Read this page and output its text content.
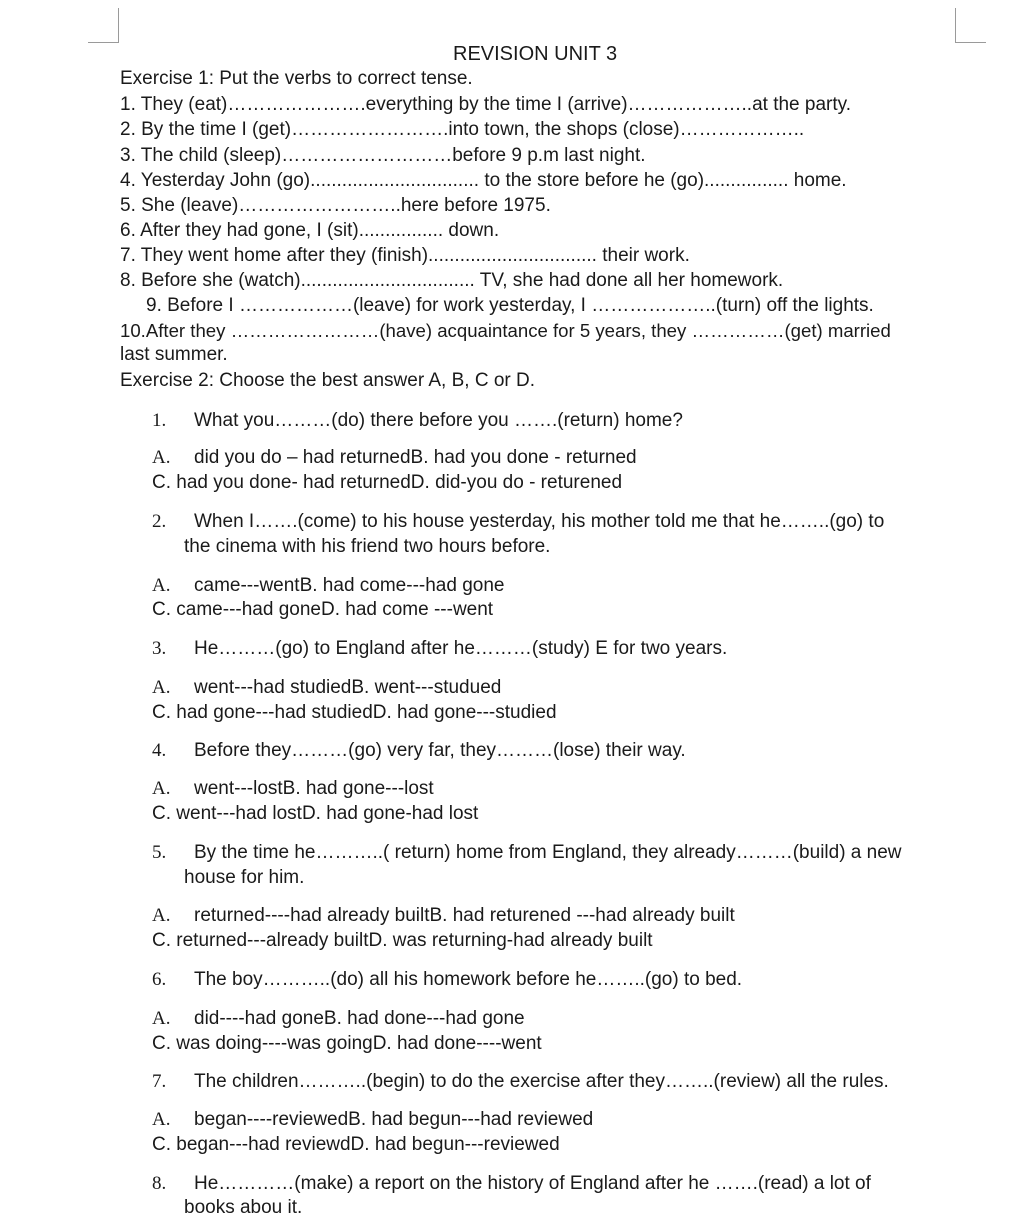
REVISION UNIT 3
Exercise 1: Put the verbs to correct tense.
1. They (eat)………………….everything by the time I (arrive)………………..at the party.
2. By the time I (get)…………………….into town, the shops (close)………………..
3. The child (sleep)………………………before 9 p.m last night.
4. Yesterday John (go)................................ to the store before he (go)................ home.
5. She (leave)……………………..here before 1975.
6. After they had gone, I (sit)................ down.
7. They went home after they (finish)................................ their work.
8. Before she (watch)................................. TV, she had done all her homework.
9. Before I ………………(leave) for work yesterday, I ………………..(turn) off the lights.
10.After they ……………………(have) acquaintance for 5 years, they ……………(get) married
last summer.
Exercise 2: Choose the best answer A, B, C or D.
1. What you………(do) there before you …….(return) home?
A. did you do – had returnedB. had you done - returned
C. had you done- had returnedD. did-you do - returened
2. When I…….(come) to his house yesterday, his mother told me that he……..(go) to
the cinema with his friend two hours before.
A. came---wentB. had come---had gone
C. came---had goneD. had come ---went
3. He………(go) to England after he………(study) E for two years.
A. went---had studiedB. went---studued
C. had gone---had studiedD. had gone---studied
4. Before they………(go) very far, they………(lose) their way.
A. went---lostB. had gone---lost
C. went---had lostD. had gone-had lost
5. By the time he………..( return) home from England, they already………(build) a new
house for him.
A. returned----had already builtB. had returened ---had already built
C. returned---already builtD. was returning-had already built
6. The boy………..(do) all his homework before he……..(go) to bed.
A. did----had goneB. had done---had gone
C. was doing----was goingD. had done----went
7. The children………..(begin) to do the exercise after they……..(review) all the rules.
A. began----reviewedB. had begun---had reviewed
C. began---had reviewdD. had begun---reviewed
8. He…………(make) a report on the history of England after he …….(read) a lot of
books abou it.
